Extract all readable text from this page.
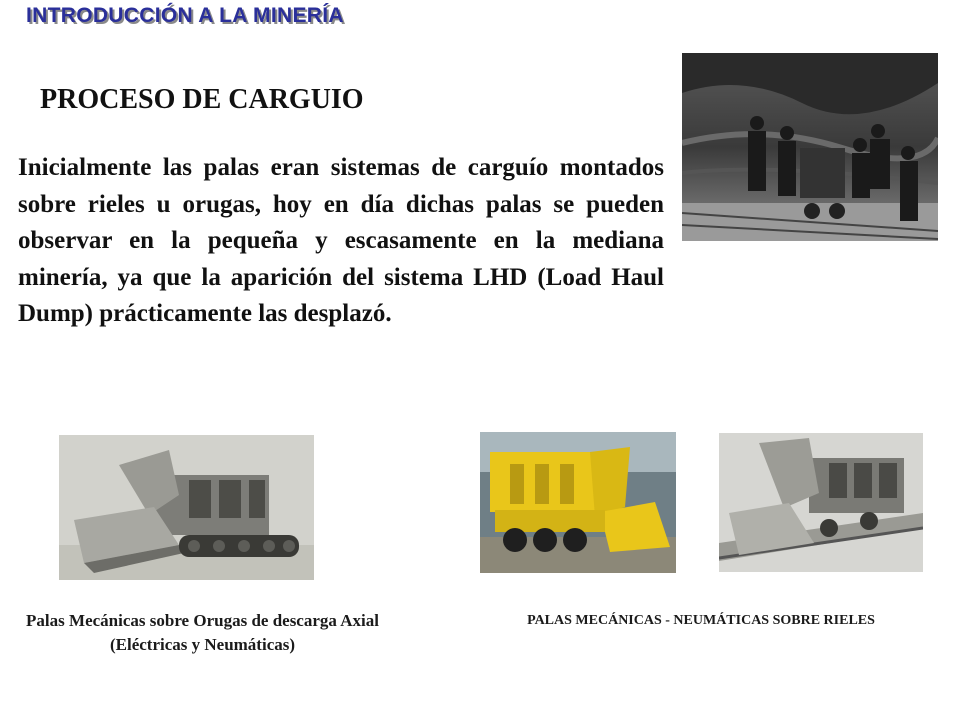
INTRODUCCIÓN A LA MINERÍA
PROCESO DE CARGUIO
Inicialmente las palas eran sistemas de carguío montados sobre rieles u orugas, hoy en día dichas palas se pueden observar en la pequeña y escasamente en la mediana minería, ya que la aparición del sistema LHD (Load Haul Dump) prácticamente las desplazó.
Palas Mecánicas sobre Orugas de descarga Axial (Eléctricas y Neumáticas)
PALAS MECÁNICAS - NEUMÁTICAS SOBRE RIELES
